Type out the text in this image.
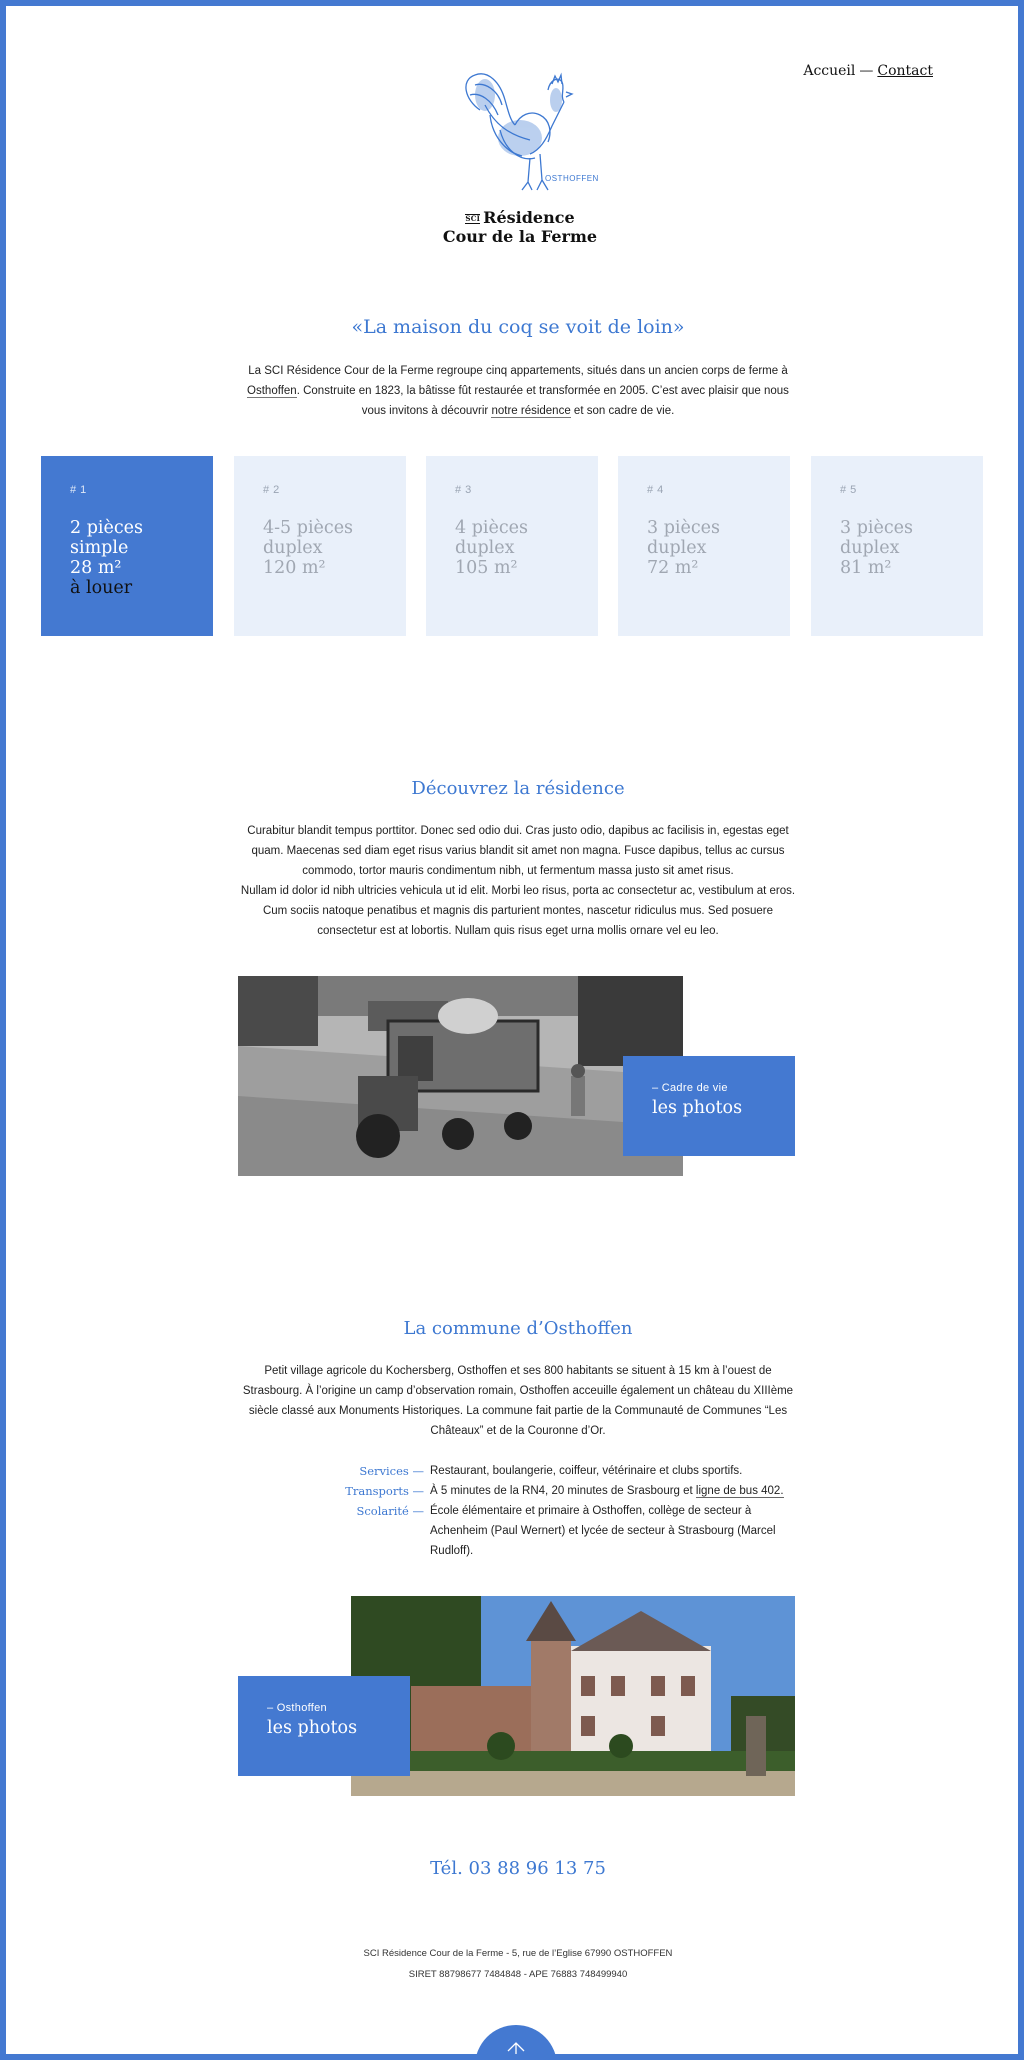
Accueil — Contact
OSTHOFFEN
SCI Résidence
Cour de la Ferme
«La maison du coq se voit de loin»

La SCI Résidence Cour de la Ferme regroupe cinq appartements, situés dans un ancien corps de ferme à Osthoffen. Construite en 1823, la bâtisse fût restaurée et transformée en 2005. C’est avec plaisir que nous vous invitons à découvrir notre résidence et son cadre de vie.

# 1
2 pièces
simple
28 m²
à louer
# 2
4-5 pièces
duplex
120 m²
# 3
4 pièces
duplex
105 m²
# 4
3 pièces
duplex
72 m²
# 5
3 pièces
duplex
81 m²
Découvrez la résidence
Curabitur blandit tempus porttitor. Donec sed odio dui. Cras justo odio, dapibus ac facilisis in, egestas eget quam. Maecenas sed diam eget risus varius blandit sit amet non magna. Fusce dapibus, tellus ac cursus commodo, tortor mauris condimentum nibh, ut fermentum massa justo sit amet risus.
Nullam id dolor id nibh ultricies vehicula ut id elit. Morbi leo risus, porta ac consectetur ac, vestibulum at eros. Cum sociis natoque penatibus et magnis dis parturient montes, nascetur ridiculus mus. Sed posuere consectetur est at lobortis. Nullam quis risus eget urna mollis ornare vel eu leo.
– Cadre de vie
les photos
La commune d’Osthoffen
Petit village agricole du Kochersberg, Osthoffen et ses 800 habitants se situent à 15 km à l’ouest de Strasbourg. À l’origine un camp d’observation romain, Osthoffen acceuille également un château du XIIIème siècle classé aux Monuments Historiques. La commune fait partie de la Communauté de Communes “Les Châteaux” et de la Couronne d’Or.
Services — Restaurant, boulangerie, coiffeur, vétérinaire et clubs sportifs.
Transports — À 5 minutes de la RN4, 20 minutes de Srasbourg et ligne de bus 402.
Scolarité — École élémentaire et primaire à Osthoffen, collège de secteur à Achenheim (Paul Wernert) et lycée de secteur à Strasbourg (Marcel Rudloff).
– Osthoffen
les photos
Tél. 03 88 96 13 75
SCI Résidence Cour de la Ferme - 5, rue de l’Eglise 67990 OSTHOFFEN
SIRET 88798677 7484848 - APE 76883 748499940
